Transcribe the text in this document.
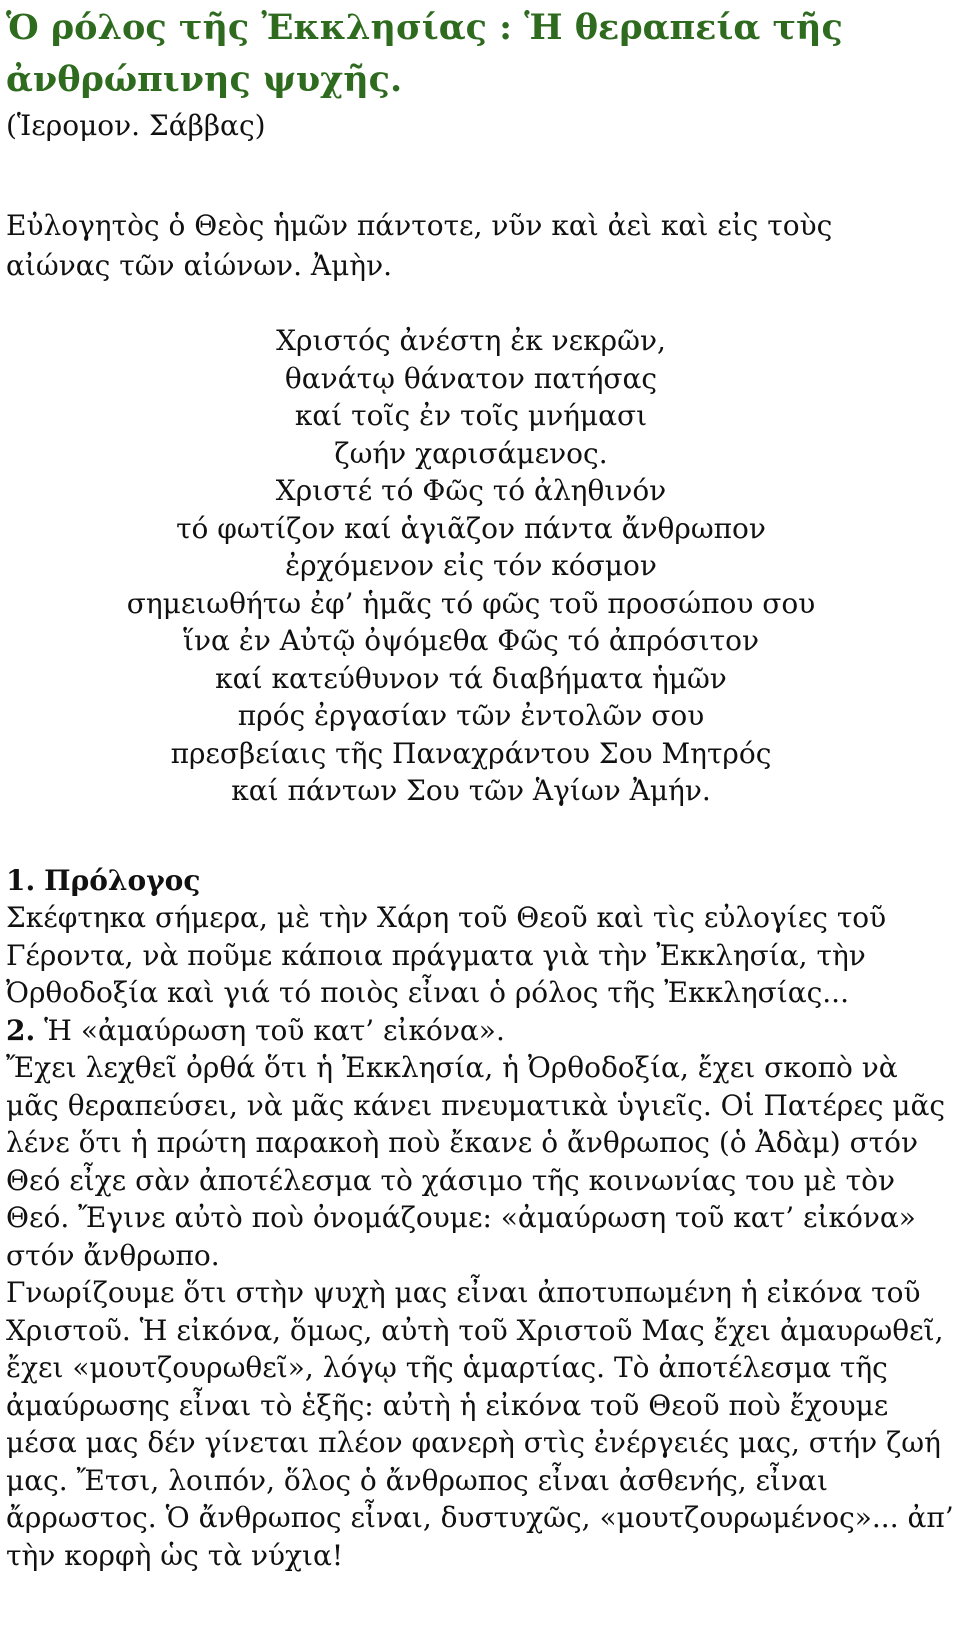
Ὁ ρόλος τῆς Ἐκκλησίας : Ἡ θεραπεία τῆς ἀνθρώπινης ψυχῆς.
(Ἱερομον. Σάββας)
Εὐλογητὸς ὁ Θεὸς ἡμῶν πάντοτε, νῦν καὶ ἀεὶ καὶ εἰς τοὺς αἰώνας τῶν αἰώνων. Ἀμὴν.
Χριστός ἀνέστη ἐκ νεκρῶν,
θανάτῳ θάνατον πατήσας
καί τοῖς ἐν τοῖς μνήμασι
ζωήν χαρισάμενος.
Χριστέ τό Φῶς τό ἀληθινόν
τό φωτίζον καί ἁγιᾶζον πάντα ἄνθρωπον
ἐρχόμενον εἰς τόν κόσμον
σημειωθήτω ἐφ’ ἡμᾶς τό φῶς τοῦ προσώπου σου
ἵνα ἐν Αὐτῷ ὀψόμεθα Φῶς τό ἀπρόσιτον
καί κατεύθυνον τά διαβήματα ἡμῶν
πρός ἐργασίαν τῶν ἐντολῶν σου
πρεσβείαις τῆς Παναχράντου Σου Μητρός
καί πάντων Σου τῶν Ἁγίων Ἀμήν.
1. Πρόλογος
Σκέφτηκα σήμερα, μὲ τὴν Χάρη τοῦ Θεοῦ καὶ τὶς εὐλογίες τοῦ Γέροντα, νὰ ποῦμε κάποια πράγματα γιὰ τὴν Ἐκκλησία, τὴν Ὀρθοδοξία καὶ γιά τό ποιὸς εἶναι ὁ ρόλος τῆς Ἐκκλησίας...
2. Ἡ «ἀμαύρωση τοῦ κατ’ εἰκόνα».
Ἔχει λεχθεῖ ὀρθά ὅτι ἡ Ἐκκλησία, ἡ Ὀρθοδοξία, ἔχει σκοπὸ νὰ μᾶς θεραπεύσει, νὰ μᾶς κάνει πνευματικὰ ὑγιεῖς. Οἱ Πατέρες μᾶς λένε ὅτι ἡ πρώτη παρακοὴ ποὺ ἔκανε ὁ ἄνθρωπος (ὁ Ἀδὰμ) στόν Θεό εἶχε σὰν ἀποτέλεσμα τὸ χάσιμο τῆς κοινωνίας του μὲ τὸν Θεό. Ἔγινε αὐτὸ ποὺ ὀνομάζουμε: «ἀμαύρωση τοῦ κατ’ εἰκόνα» στόν ἄνθρωπο.
Γνωρίζουμε ὅτι στὴν ψυχὴ μας εἶναι ἀποτυπωμένη ἡ εἰκόνα τοῦ Χριστοῦ. Ἡ εἰκόνα, ὅμως, αὐτὴ τοῦ Χριστοῦ Μας ἔχει ἀμαυρωθεῖ, ἔχει «μουτζουρωθεῖ», λόγῳ τῆς ἁμαρτίας. Τὸ ἀποτέλεσμα τῆς ἀμαύρωσης εἶναι τὸ ἑξῆς: αὐτὴ ἡ εἰκόνα τοῦ Θεοῦ ποὺ ἔχουμε μέσα μας δέν γίνεται πλέον φανερὴ στὶς ἐνέργειές μας, στήν ζωή μας. Ἔτσι, λοιπόν, ὅλος ὁ ἄνθρωπος εἶναι ἀσθενής, εἶναι ἄρρωστος. Ὁ ἄνθρωπος εἶναι, δυστυχῶς, «μουτζουρωμένος»... ἀπ’ τὴν κορφὴ ὡς τὰ νύχια!
